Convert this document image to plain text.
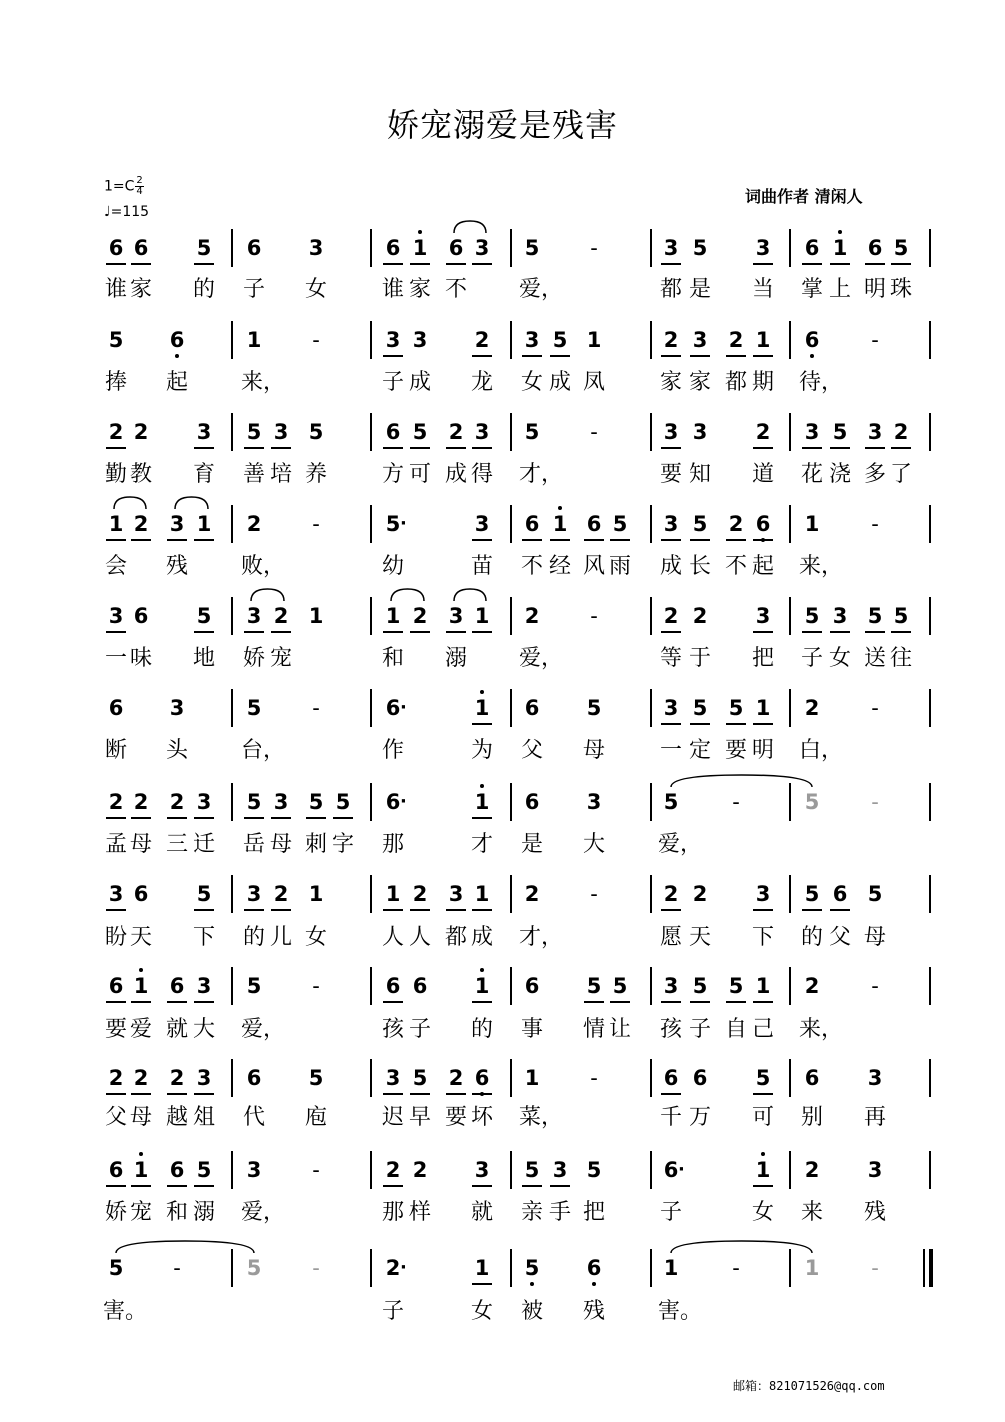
娇宠溺爱是残害
$1=C \frac{2}{4}$
♩=115
词曲作者 清闲人
邮箱：821071526@qq.com
6 6	5	6	3	6 1	6 3	5	-	3 5	3	6 1 6 5
5	6	1	-	3 3	2	3 5 1	2 3	2 1	6	-
2 2	3	5 3 5	6 5	2 3	5	-	3 3	2	3 5 3 2
1 2	3 1	2	-	5 ·	3	6 1 6 5	3 5	2 6	1	-
3 6	5	3 2 1	1 2	3 1	2	-	2 2	3	5 3 5 5
6	3	5	-	6 ·	1	6	5	3 5	5 1	2	-
2 2	2 3	5 3 5 5	6 ·	1	6	3	5	-	5	-
3 6	5	3 2 1	1 2	3 1	2	-	2 2	3	5 6 5
6 1	6 3	5	-	6 6	1	6	5 5	3 5	5 1	2	-
2 2	2 3	6	5	3 5	2 6	1	-	6 6	5	6	3
6 1	6 5	3	-	2 2	3	5 3 5	6 ·	1	2	3
5	-	5	-	2 ·	1	5	6	1	-	1	-
谁 家 的 子 女 谁 家 不 爱，	都 是 当 掌 上 明 珠
捧 起 来，	子 成 龙 女 成 凤 家 家 都 期 待，
勤 教 育 善 培 养 方 可 成 得 才，	要 知 道 花 浇 多 了
会 残 败，	幼	苗 不 经 风 雨 成 长 不 起 来，
一 味 地 娇 宠	和 溺 爱，	等 于 把 子 女 送 往
断 头 台，	作	为 父 母 一 定 要 明 白，
孟 母 三 迁 岳 母 刺 字 那	才 是 大 爱，
盼 天 下 的 儿 女 人 人 都 成 才，	愿 天 下 的 父 母
要 爱 就 大 爱，	孩 子 的 事 情 让 孩 子 自 己 来，
父 母 越 俎 代 庖 迟 早 要 坏 菜，	千 万 可 别 再
娇 宠 和 溺 爱，	那 样 就 亲 手 把 子	女 来 残
害。	子	女 被 残 害。
